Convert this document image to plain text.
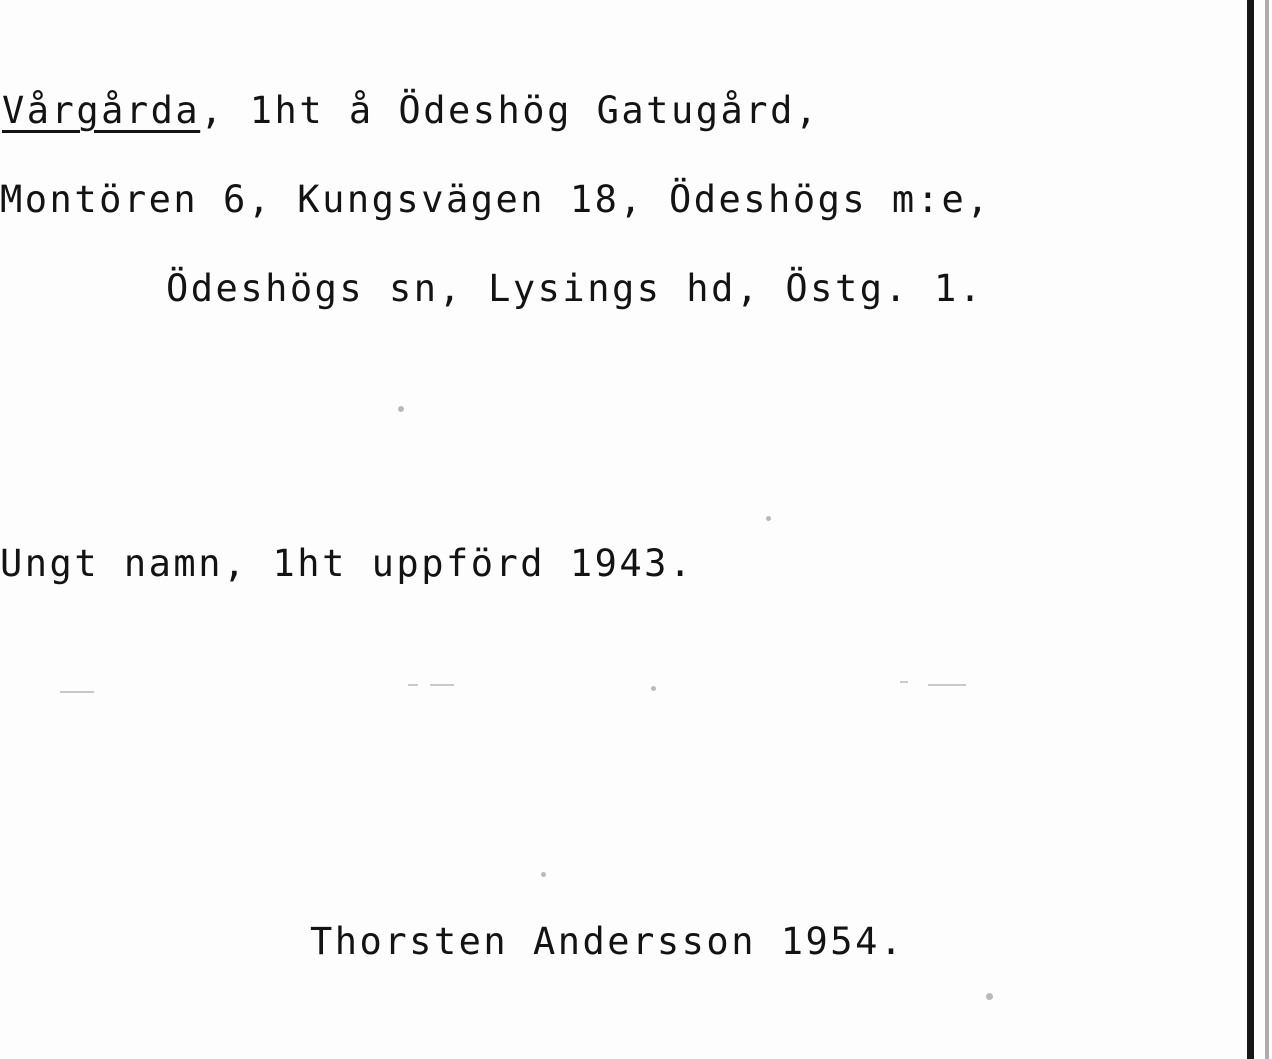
Vårgårda, 1ht å Ödeshög Gatugård,
Montören 6, Kungsvägen 18, Ödeshögs m:e,
Ödeshögs sn, Lysings hd, Östg. 1.
Ungt namn, 1ht uppförd 1943.
Thorsten Andersson 1954.
